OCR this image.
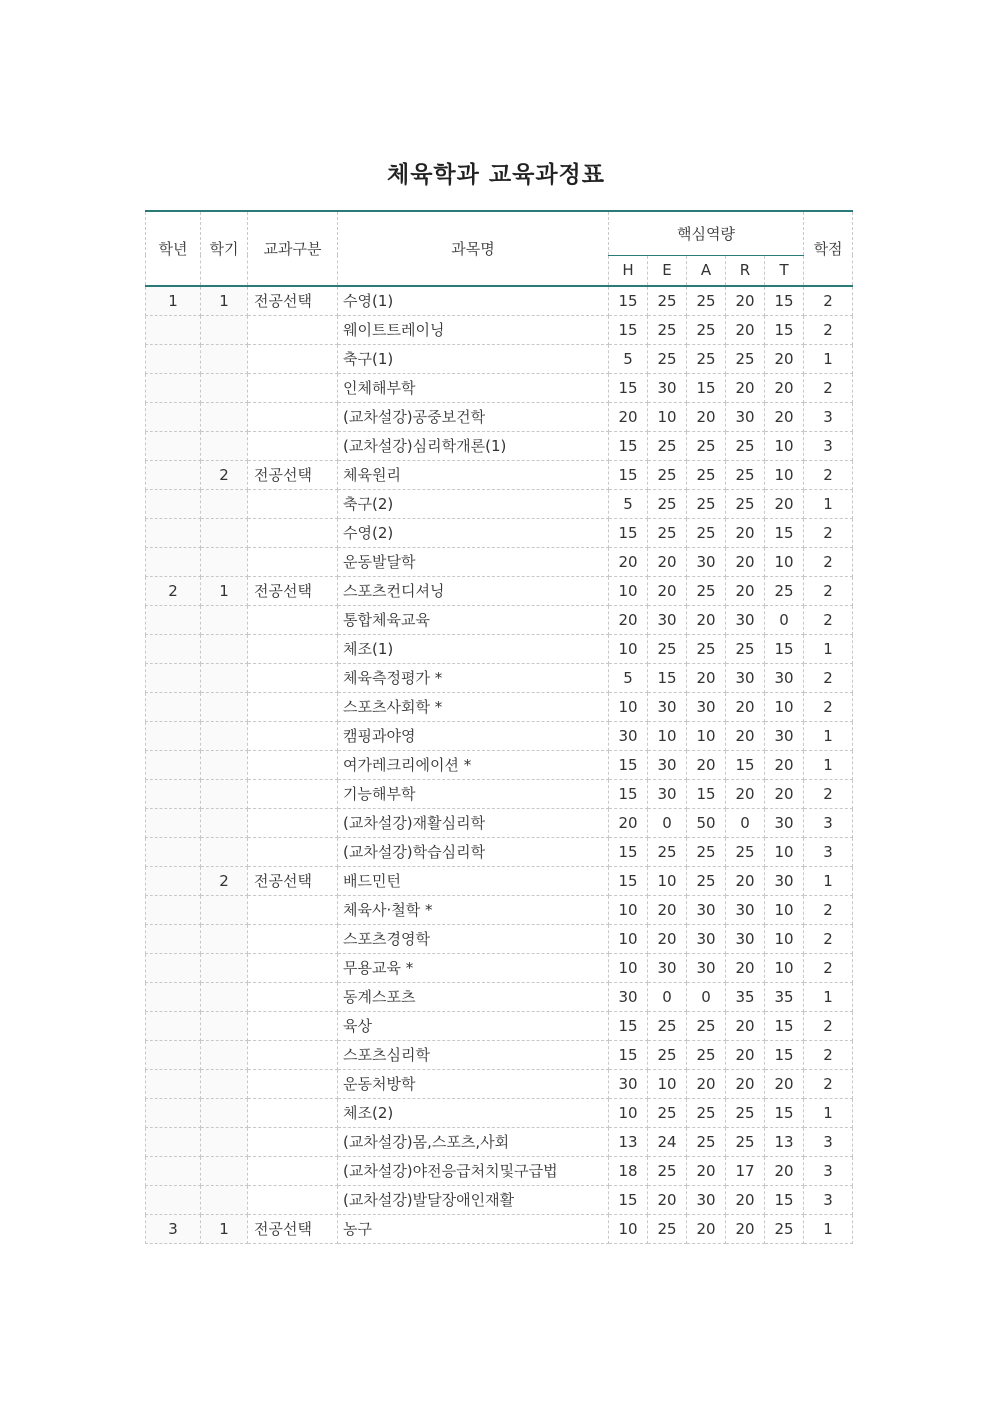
체육학과 교육과정표
학년	학기	교과구분	과목명	핵심역량					학점
				H	E	A	R	T	
1	1	전공선택	수영(1)	15	25	25	20	15	2
			웨이트트레이닝	15	25	25	20	15	2
			축구(1)	5	25	25	25	20	1
			인체해부학	15	30	15	20	20	2
			(교차설강)공중보건학	20	10	20	30	20	3
			(교차설강)심리학개론(1)	15	25	25	25	10	3
	2	전공선택	체육원리	15	25	25	25	10	2
			축구(2)	5	25	25	25	20	1
			수영(2)	15	25	25	20	15	2
			운동발달학	20	20	30	20	10	2
2	1	전공선택	스포츠컨디셔닝	10	20	25	20	25	2
			통합체육교육	20	30	20	30	0	2
			체조(1)	10	25	25	25	15	1
			체육측정평가 *	5	15	20	30	30	2
			스포츠사회학 *	10	30	30	20	10	2
			캠핑과야영	30	10	10	20	30	1
			여가레크리에이션 *	15	30	20	15	20	1
			기능해부학	15	30	15	20	20	2
			(교차설강)재활심리학	20	0	50	0	30	3
			(교차설강)학습심리학	15	25	25	25	10	3
	2	전공선택	배드민턴	15	10	25	20	30	1
			체육사·철학 *	10	20	30	30	10	2
			스포츠경영학	10	20	30	30	10	2
			무용교육 *	10	30	30	20	10	2
			동계스포츠	30	0	0	35	35	1
			육상	15	25	25	20	15	2
			스포츠심리학	15	25	25	20	15	2
			운동처방학	30	10	20	20	20	2
			체조(2)	10	25	25	25	15	1
			(교차설강)몸,스포츠,사회	13	24	25	25	13	3
			(교차설강)야전응급처치및구급법	18	25	20	17	20	3
			(교차설강)발달장애인재활	15	20	30	20	15	3
3	1	전공선택	농구	10	25	20	20	25	1
